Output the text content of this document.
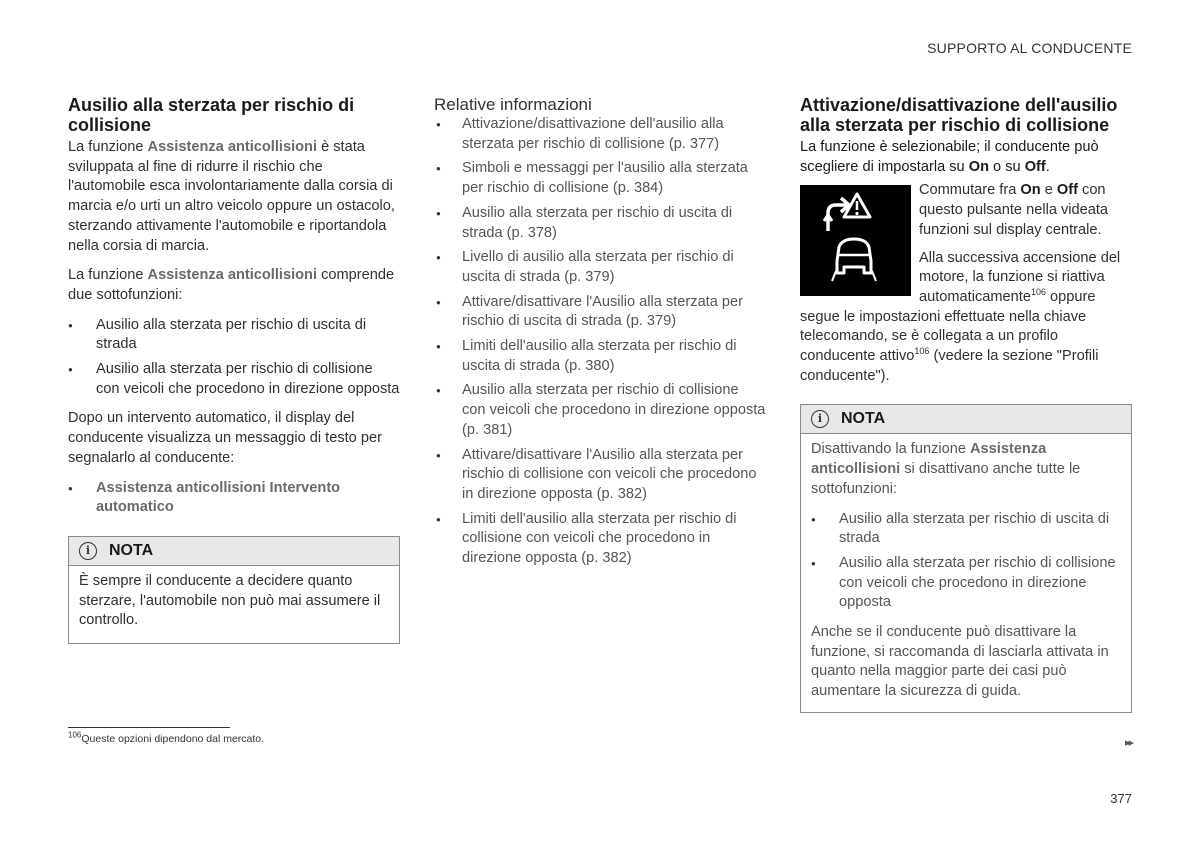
SUPPORTO AL CONDUCENTE
Ausilio alla sterzata per rischio di collisione

La funzione Assistenza anticollisioni è stata sviluppata al fine di ridurre il rischio che l'automobile esca involontariamente dalla corsia di marcia e/o urti un altro veicolo oppure un ostacolo, sterzando attivamente l'automobile e riportandola nella corsia di marcia.

La funzione Assistenza anticollisioni comprende due sottofunzioni:

● Ausilio alla sterzata per rischio di uscita di strada
● Ausilio alla sterzata per rischio di collisione con veicoli che procedono in direzione opposta

Dopo un intervento automatico, il display del conducente visualizza un messaggio di testo per segnalarlo al conducente:

● Assistenza anticollisioni Intervento automatico
i	NOTA

È sempre il conducente a decidere quanto sterzare, l'automobile non può mai assumere il controllo.

Relative informazioni
● Attivazione/disattivazione dell'ausilio alla sterzata per rischio di collisione (p. 377)
● Simboli e messaggi per l'ausilio alla sterzata per rischio di collisione (p. 384)
● Ausilio alla sterzata per rischio di uscita di strada (p. 378)
● Livello di ausilio alla sterzata per rischio di uscita di strada (p. 379)
● Attivare/disattivare l'Ausilio alla sterzata per rischio di uscita di strada (p. 379)
● Limiti dell'ausilio alla sterzata per rischio di uscita di strada (p. 380)
● Ausilio alla sterzata per rischio di collisione con veicoli che procedono in direzione opposta (p. 381)
● Attivare/disattivare l'Ausilio alla sterzata per rischio di collisione con veicoli che procedono in direzione opposta (p. 382)
● Limiti dell'ausilio alla sterzata per rischio di collisione con veicoli che procedono in direzione opposta (p. 382)
Attivazione/disattivazione dell'ausilio alla sterzata per rischio di collisione

La funzione è selezionabile; il conducente può scegliere di impostarla su On o su Off.

Commutare fra On e Off con questo pulsante nella videata funzioni sul display centrale.

Alla successiva accensione del motore, la funzione si riattiva automaticamente$^{106}$ oppure segue le impostazioni effettuate nella chiave telecomando, se è collegata a un profilo conducente attivo$^{106}$ (vedere la sezione "Profili conducente").

i	NOTA

Disattivando la funzione Assistenza anticollisioni si disattivano anche tutte le sottofunzioni:

● Ausilio alla sterzata per rischio di uscita di strada
● Ausilio alla sterzata per rischio di collisione con veicoli che procedono in direzione opposta

Anche se il conducente può disattivare la funzione, si raccomanda di lasciarla attivata in quanto nella maggior parte dei casi può aumentare la sicurezza di guida.

$^{106}$Queste opzioni dipendono dal mercato.	▸▸
377
